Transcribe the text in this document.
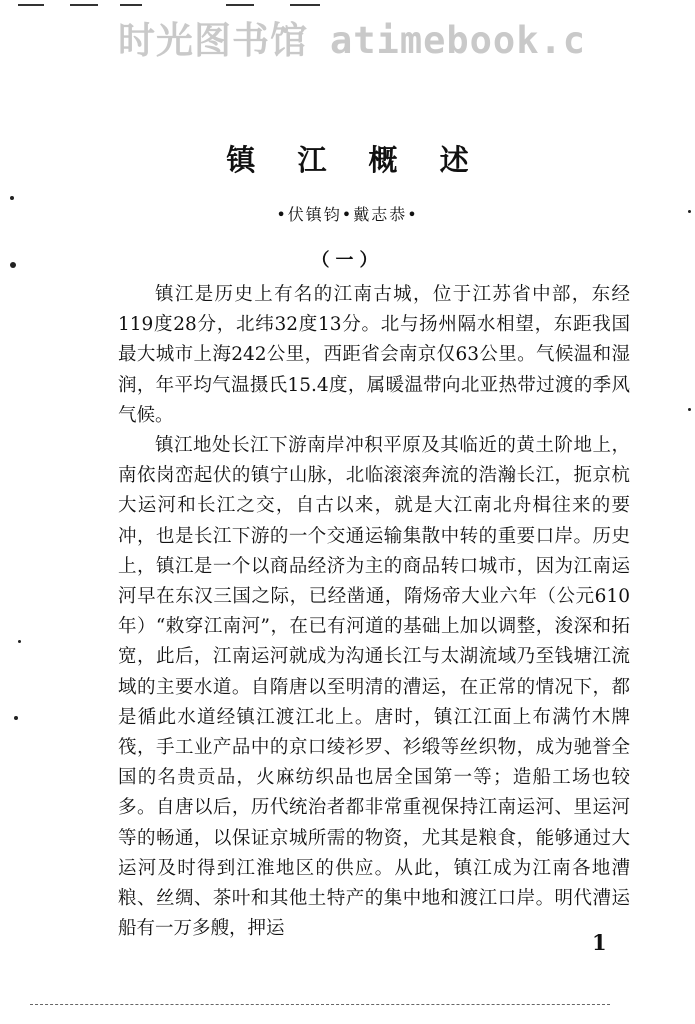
时光图书馆 atimebook.c
镇 江 概 述
•伏镇钧•戴志恭•
（一）

镇江是历史上有名的江南古城，位于江苏省中部，东经119度28分，北纬32度13分。北与扬州隔水相望，东距我国最大城市上海242公里，西距省会南京仅63公里。气候温和湿润，年平均气温摄氏15.4度，属暖温带向北亚热带过渡的季风气候。

镇江地处长江下游南岸冲积平原及其临近的黄土阶地上，南依岗峦起伏的镇宁山脉，北临滚滚奔流的浩瀚长江，扼京杭大运河和长江之交，自古以来，就是大江南北舟楫往来的要冲，也是长江下游的一个交通运输集散中转的重要口岸。历史上，镇江是一个以商品经济为主的商品转口城市，因为江南运河早在东汉三国之际，已经凿通，隋炀帝大业六年（公元610年）“敕穿江南河”，在已有河道的基础上加以调整，浚深和拓宽，此后，江南运河就成为沟通长江与太湖流域乃至钱塘江流域的主要水道。自隋唐以至明清的漕运，在正常的情况下，都是循此水道经镇江渡江北上。唐时，镇江江面上布满竹木牌筏，手工业产品中的京口绫衫罗、衫缎等丝织物，成为驰誉全国的名贵贡品，火麻纺织品也居全国第一等；造船工场也较多。自唐以后，历代统治者都非常重视保持江南运河、里运河等的畅通，以保证京城所需的物资，尤其是粮食，能够通过大运河及时得到江淮地区的供应。从此，镇江成为江南各地漕粮、丝绸、茶叶和其他土特产的集中地和渡江口岸。明代漕运船有一万多艘，押运

1
